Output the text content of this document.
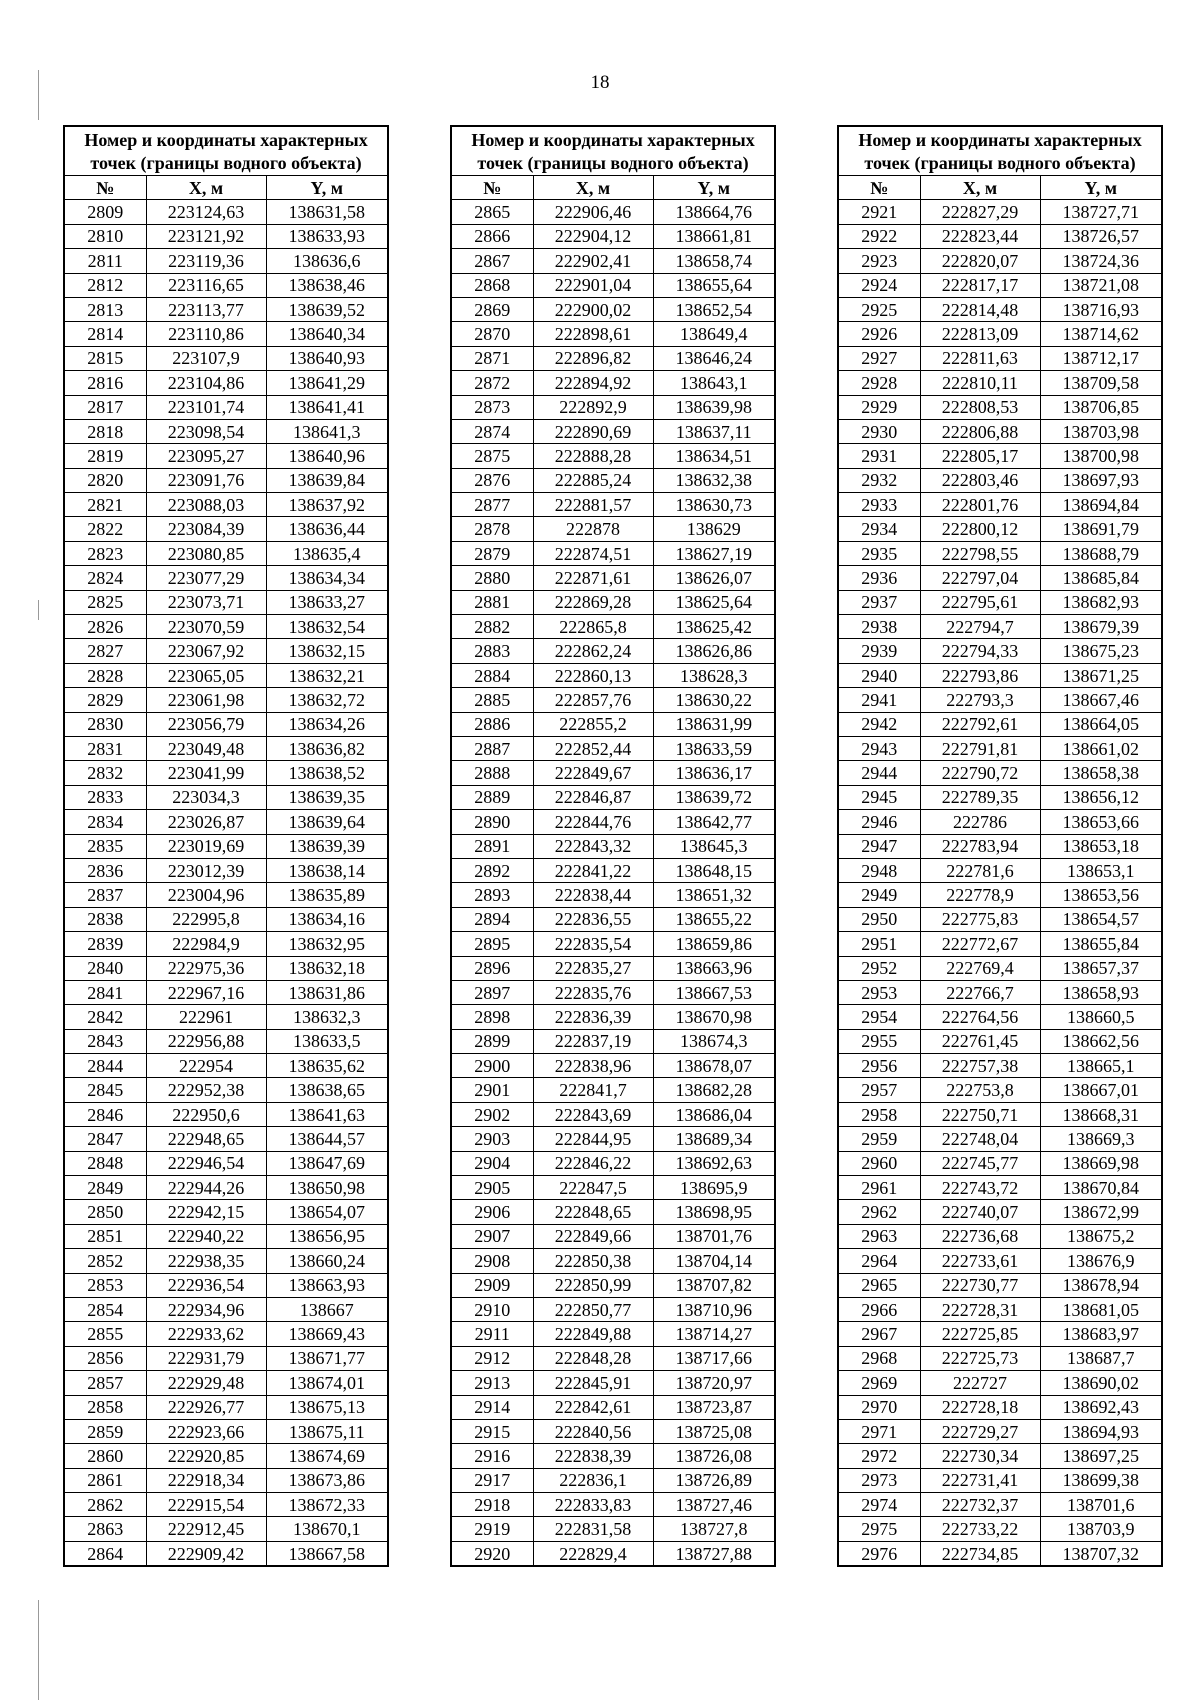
18
Номер и координаты характерных точек (границы водного объекта)		
№	X, м	Y, м
2809	223124,63	138631,58
2810	223121,92	138633,93
2811	223119,36	138636,6
2812	223116,65	138638,46
2813	223113,77	138639,52
2814	223110,86	138640,34
2815	223107,9	138640,93
2816	223104,86	138641,29
2817	223101,74	138641,41
2818	223098,54	138641,3
2819	223095,27	138640,96
2820	223091,76	138639,84
2821	223088,03	138637,92
2822	223084,39	138636,44
2823	223080,85	138635,4
2824	223077,29	138634,34
2825	223073,71	138633,27
2826	223070,59	138632,54
2827	223067,92	138632,15
2828	223065,05	138632,21
2829	223061,98	138632,72
2830	223056,79	138634,26
2831	223049,48	138636,82
2832	223041,99	138638,52
2833	223034,3	138639,35
2834	223026,87	138639,64
2835	223019,69	138639,39
2836	223012,39	138638,14
2837	223004,96	138635,89
2838	222995,8	138634,16
2839	222984,9	138632,95
2840	222975,36	138632,18
2841	222967,16	138631,86
2842	222961	138632,3
2843	222956,88	138633,5
2844	222954	138635,62
2845	222952,38	138638,65
2846	222950,6	138641,63
2847	222948,65	138644,57
2848	222946,54	138647,69
2849	222944,26	138650,98
2850	222942,15	138654,07
2851	222940,22	138656,95
2852	222938,35	138660,24
2853	222936,54	138663,93
2854	222934,96	138667
2855	222933,62	138669,43
2856	222931,79	138671,77
2857	222929,48	138674,01
2858	222926,77	138675,13
2859	222923,66	138675,11
2860	222920,85	138674,69
2861	222918,34	138673,86
2862	222915,54	138672,33
2863	222912,45	138670,1
2864	222909,42	138667,58
Номер и координаты характерных точек (границы водного объекта)		
№	X, м	Y, м
2865	222906,46	138664,76
2866	222904,12	138661,81
2867	222902,41	138658,74
2868	222901,04	138655,64
2869	222900,02	138652,54
2870	222898,61	138649,4
2871	222896,82	138646,24
2872	222894,92	138643,1
2873	222892,9	138639,98
2874	222890,69	138637,11
2875	222888,28	138634,51
2876	222885,24	138632,38
2877	222881,57	138630,73
2878	222878	138629
2879	222874,51	138627,19
2880	222871,61	138626,07
2881	222869,28	138625,64
2882	222865,8	138625,42
2883	222862,24	138626,86
2884	222860,13	138628,3
2885	222857,76	138630,22
2886	222855,2	138631,99
2887	222852,44	138633,59
2888	222849,67	138636,17
2889	222846,87	138639,72
2890	222844,76	138642,77
2891	222843,32	138645,3
2892	222841,22	138648,15
2893	222838,44	138651,32
2894	222836,55	138655,22
2895	222835,54	138659,86
2896	222835,27	138663,96
2897	222835,76	138667,53
2898	222836,39	138670,98
2899	222837,19	138674,3
2900	222838,96	138678,07
2901	222841,7	138682,28
2902	222843,69	138686,04
2903	222844,95	138689,34
2904	222846,22	138692,63
2905	222847,5	138695,9
2906	222848,65	138698,95
2907	222849,66	138701,76
2908	222850,38	138704,14
2909	222850,99	138707,82
2910	222850,77	138710,96
2911	222849,88	138714,27
2912	222848,28	138717,66
2913	222845,91	138720,97
2914	222842,61	138723,87
2915	222840,56	138725,08
2916	222838,39	138726,08
2917	222836,1	138726,89
2918	222833,83	138727,46
2919	222831,58	138727,8
2920	222829,4	138727,88
Номер и координаты характерных точек (границы водного объекта)		
№	X, м	Y, м
2921	222827,29	138727,71
2922	222823,44	138726,57
2923	222820,07	138724,36
2924	222817,17	138721,08
2925	222814,48	138716,93
2926	222813,09	138714,62
2927	222811,63	138712,17
2928	222810,11	138709,58
2929	222808,53	138706,85
2930	222806,88	138703,98
2931	222805,17	138700,98
2932	222803,46	138697,93
2933	222801,76	138694,84
2934	222800,12	138691,79
2935	222798,55	138688,79
2936	222797,04	138685,84
2937	222795,61	138682,93
2938	222794,7	138679,39
2939	222794,33	138675,23
2940	222793,86	138671,25
2941	222793,3	138667,46
2942	222792,61	138664,05
2943	222791,81	138661,02
2944	222790,72	138658,38
2945	222789,35	138656,12
2946	222786	138653,66
2947	222783,94	138653,18
2948	222781,6	138653,1
2949	222778,9	138653,56
2950	222775,83	138654,57
2951	222772,67	138655,84
2952	222769,4	138657,37
2953	222766,7	138658,93
2954	222764,56	138660,5
2955	222761,45	138662,56
2956	222757,38	138665,1
2957	222753,8	138667,01
2958	222750,71	138668,31
2959	222748,04	138669,3
2960	222745,77	138669,98
2961	222743,72	138670,84
2962	222740,07	138672,99
2963	222736,68	138675,2
2964	222733,61	138676,9
2965	222730,77	138678,94
2966	222728,31	138681,05
2967	222725,85	138683,97
2968	222725,73	138687,7
2969	222727	138690,02
2970	222728,18	138692,43
2971	222729,27	138694,93
2972	222730,34	138697,25
2973	222731,41	138699,38
2974	222732,37	138701,6
2975	222733,22	138703,9
2976	222734,85	138707,32
